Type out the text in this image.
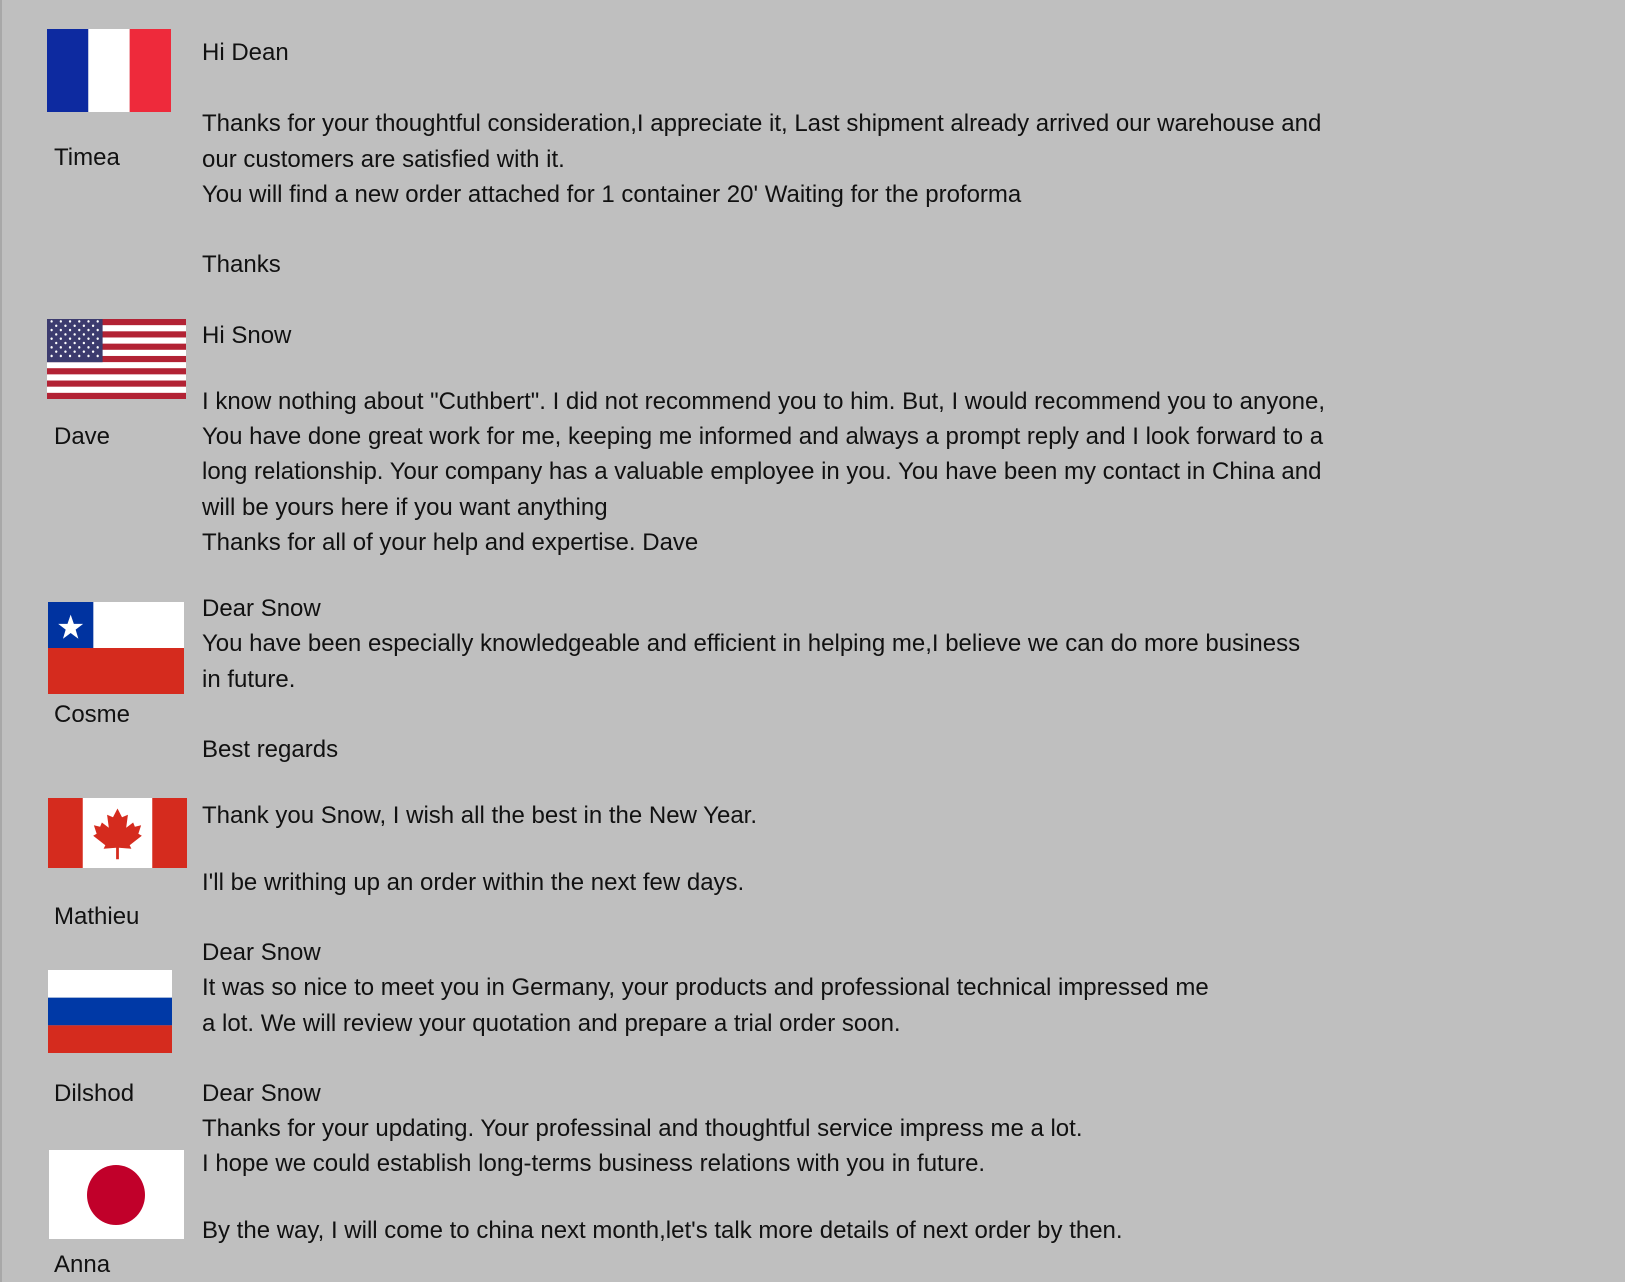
Timea
Dave
Cosme
Mathieu
Dilshod
Anna
Hi Dean
Thanks for your thoughtful consideration,I appreciate it, Last shipment already arrived our warehouse and
our customers are satisfied with it.
You will find a new order attached for 1 container 20' Waiting for the proforma
Thanks
Hi Snow
I know nothing about "Cuthbert". I did not recommend you to him. But, I would recommend you to anyone,
You have done great work for me, keeping me informed and always a prompt reply and I look forward to a
long relationship. Your company has a valuable employee in you. You have been my contact in China and
will be yours here if you want anything
Thanks for all of your help and expertise. Dave
Dear Snow
You have been especially knowledgeable and efficient in helping me,I believe we can do more business
in future.
Best regards
Thank you Snow, I wish all the best in the New Year.
I'll be writhing up an order within the next few days.
Dear Snow
It was so nice to meet you in Germany, your products and professional technical impressed me
a lot. We will review your quotation and prepare a trial order soon.
Dear Snow
Thanks for your updating. Your professinal and thoughtful service impress me a lot.
I hope we could establish long-terms business relations with you in future.
By the way, I will come to china next month,let's talk more details of next order by then.
